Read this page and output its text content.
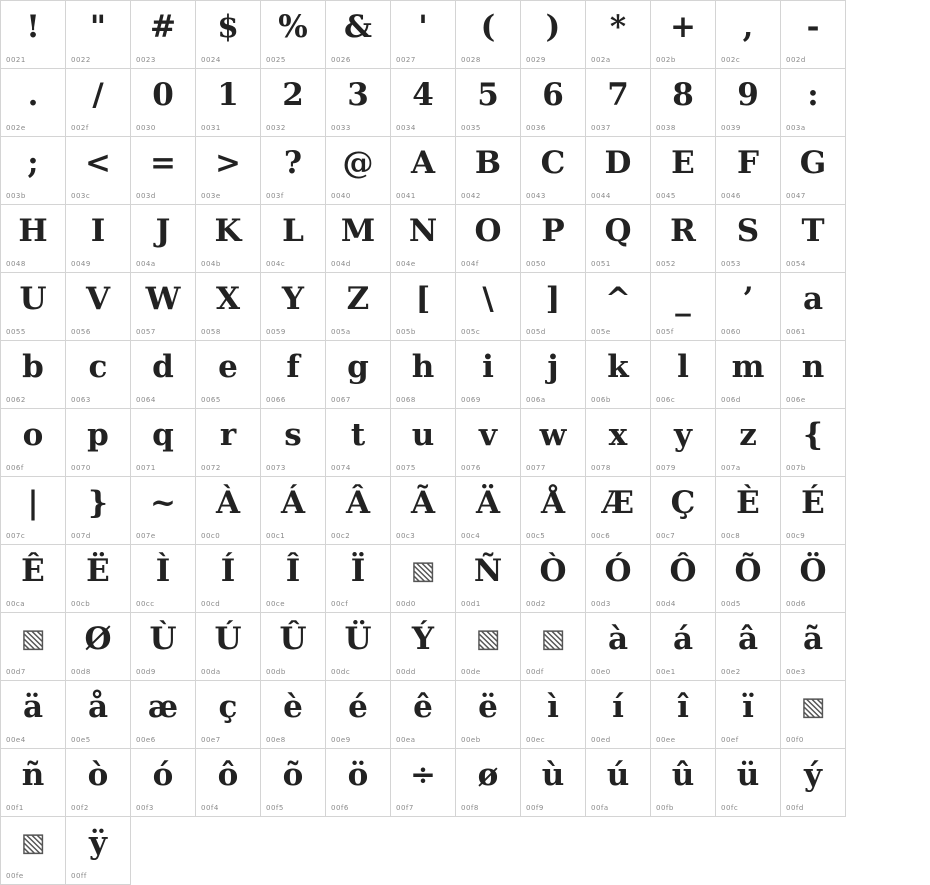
!
0021
"
0022
#
0023
$
0024
%
0025
&
0026
'
0027
(
0028
)
0029
*
002a
+
002b
,
002c
-
002d
.
002e
/
002f
0
0030
1
0031
2
0032
3
0033
4
0034
5
0035
6
0036
7
0037
8
0038
9
0039
:
003a
;
003b
<
003c
=
003d
>
003e
?
003f
@
0040
A
0041
B
0042
C
0043
D
0044
E
0045
F
0046
G
0047
H
0048
I
0049
J
004a
K
004b
L
004c
M
004d
N
004e
O
004f
P
0050
Q
0051
R
0052
S
0053
T
0054
U
0055
V
0056
W
0057
X
0058
Y
0059
Z
005a
[
005b
\
005c
]
005d
^
005e
_
005f
’
0060
a
0061
b
0062
c
0063
d
0064
e
0065
f
0066
g
0067
h
0068
i
0069
j
006a
k
006b
l
006c
m
006d
n
006e
o
006f
p
0070
q
0071
r
0072
s
0073
t
0074
u
0075
v
0076
w
0077
x
0078
y
0079
z
007a
{
007b
|
007c
}
007d
~
007e
À
00c0
Á
00c1
Â
00c2
Ã
00c3
Ä
00c4
Å
00c5
Æ
00c6
Ç
00c7
È
00c8
É
00c9
Ê
00ca
Ë
00cb
Ì
00cc
Í
00cd
Î
00ce
Ï
00cf
▧
00d0
Ñ
00d1
Ò
00d2
Ó
00d3
Ô
00d4
Õ
00d5
Ö
00d6
▧
00d7
Ø
00d8
Ù
00d9
Ú
00da
Û
00db
Ü
00dc
Ý
00dd
▧
00de
▧
00df
à
00e0
á
00e1
â
00e2
ã
00e3
ä
00e4
å
00e5
æ
00e6
ç
00e7
è
00e8
é
00e9
ê
00ea
ë
00eb
ì
00ec
í
00ed
î
00ee
ï
00ef
▧
00f0
ñ
00f1
ò
00f2
ó
00f3
ô
00f4
õ
00f5
ö
00f6
÷
00f7
ø
00f8
ù
00f9
ú
00fa
û
00fb
ü
00fc
ý
00fd
▧
00fe
ÿ
00ff
